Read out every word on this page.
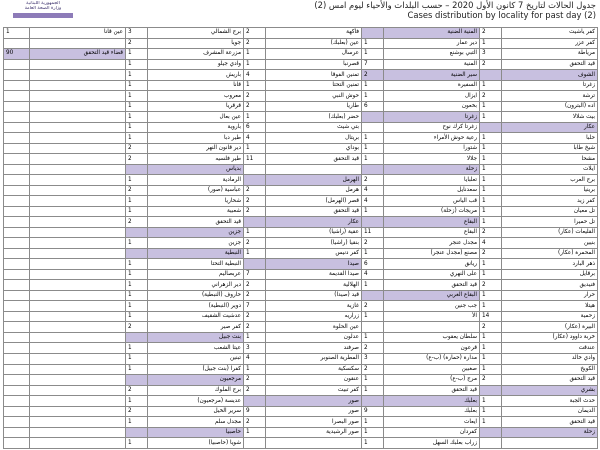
الجمهورية اللبنانية
وزارة الصحة العامة	جدول الحالات لتاريخ 7 كانون الأول 2020 – حسب البلدات والأحياء ليوم امس (2)
Cases distribution by locality for past day (2)
كفر ياشيت	2	المنية الضنية		فاكهة	2	برج الشمالي	3	عين قانا	1
كفر عزر	1	دير عمار	1	عين (بعلبك)	2	جويا	2		
مرياطة	3	التبي بوشنع	1	عرسال	1	مزرعة المشرف	1	قضاء قيد التحقق	90
قيد التحقق	2	المنية	7	قصرنبا	1	وادي جيلو	1		
الشوف		سير الضنية	2	تمنين الفوقا	4	باريش	1		
زغرتا	1	السفيرة	1	تمنين التحتا	1	قانا	1		
ترشة	2	ايزال	1	حوش النبي	2	معروب	1		
اده (البترون)	1	بخعون	6	طاريا	2	قرقريا	1		
بيت شلالا	1	زغرتا		حضر (بعلبك)	1	عين بعال	1		
عكار		زغرتا كرك نوح		بتي شيث	6	باروية	1		
حلبا	1	رعية حوش الأمراء	1	بريتال	4	طير دبا	1		
شيخ طابا	1	شتورا	1	بوداي	1	دير قانون النهر	2		
مشحا	1	جلالا	1	قيد التحقق	11	طير فلسيه	2		
ايلات	1	زحلة				بدياس			
برج العرب	1	تعلبايا	2	الهرمل		الرمادية	1		
برينيا	1	سعدنايل	4	هرمل	2	عباسية (صور)	2		
كفر زيد	1	قب الياس	4	قصر (الهرمل)	2	شحاريا	1		
تل معيان	1	مريجات (زحلة)	1	قيد التحقق	2	شعبية	1		
تل حميرا	1	البقاع		عكار		قيد التحقق	2		
القليعات (عكار)	2	البقاع	11	عقية (راشيا)	1	جزين			
بنيين	4	مجدل عنجر	2	بنقيا (راشيا)	2	جزين	1		
المحمرة (عكار)	2	مصنع (مجدل عنجر)	1	كفر دنيس	1	النبطية			
ذهر البارد	1	ريانق	6	صيدا		النبطية التحتا	1		
برقايل	1	على النهري	4	صيدا القديمة	7	عربصاليم	1		
فنيديق	2	قيد التحقق	1	الهلالية	2	دير الزهراني	1		
حرار	1	البقاع الغربي		قيد (صيدا)	2	حاروف (النبطية)	1		
هيتلا	1	جب جنين	2	غازية	7	دوير (النبطية)	1		
زحمية	14	الأ	1	زراريه	2	عدشيت الشقيف	1		
البيرة (عكار)	2			عين الحلوة	2	كفر صير	2		
خربة داوود (عكار)	1	سلطان يعقوب	1	عدلون	1	بنت جبيل			
عندقت	1	قرعون	2	صرفند	3	عيتا الشعب	1		
وادي خالد	1	مدارة (حمارة) (ب-ع)	3	المطرية الصنوبر	4	تبنين	1		
الكويخ	1	صغبين	2	سكسكية	1	كفرا (بنت جبيل)	1		
قيد التحقق	2	مرج (ب-ع)	1	عنقون	2	مرجعيون			
بشري		قيد التحقق	1	كفر تبيت	2	برج الملوك	2		
حدث الجبة	1	بعلبك		صور		عديسة (مرجعيون)	1		
الديمان	1	بعلبك	9	صور	9	سرير الخيل	2		
قيد التحقق	1	ايعات	1	صور البصرا	2	مجدل سلم	1		
زحلة		كفردان	1	صور الرشيدية	1	حاصبيا			
		زراب بعلبك السهل	1			شويا (حاصبيا)	1		
